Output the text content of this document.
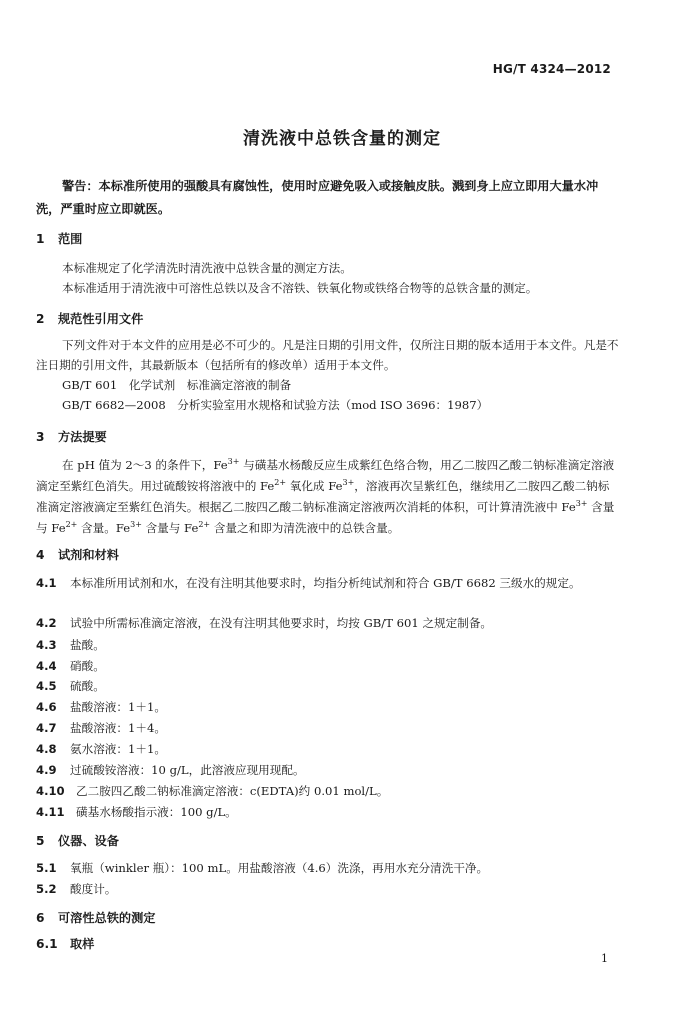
HG/T 4324—2012
清洗液中总铁含量的测定
警告：本标准所使用的强酸具有腐蚀性，使用时应避免吸入或接触皮肤。溅到身上应立即用大量水冲洗，严重时应立即就医。
1 范围
本标准规定了化学清洗时清洗液中总铁含量的测定方法。
本标准适用于清洗液中可溶性总铁以及含不溶铁、铁氧化物或铁络合物等的总铁含量的测定。
2 规范性引用文件
下列文件对于本文件的应用是必不可少的。凡是注日期的引用文件，仅所注日期的版本适用于本文件。凡是不注日期的引用文件，其最新版本（包括所有的修改单）适用于本文件。
GB/T 601　化学试剂　标准滴定溶液的制备
GB/T 6682—2008　分析实验室用水规格和试验方法（mod ISO 3696：1987）
3 方法提要
在 pH 值为 2～3 的条件下，$Fe^{3+}$ 与磺基水杨酸反应生成紫红色络合物，用乙二胺四乙酸二钠标准滴定溶液滴定至紫红色消失。用过硫酸铵将溶液中的 $Fe^{2+}$ 氧化成 $Fe^{3+}$，溶液再次呈紫红色，继续用乙二胺四乙酸二钠标准滴定溶液滴定至紫红色消失。根据乙二胺四乙酸二钠标准滴定溶液两次消耗的体积，可计算清洗液中 $Fe^{3+}$ 含量与 $Fe^{2+}$ 含量。$Fe^{3+}$ 含量与 $Fe^{2+}$ 含量之和即为清洗液中的总铁含量。
4 试剂和材料
4.1 本标准所用试剂和水，在没有注明其他要求时，均指分析纯试剂和符合 GB/T 6682 三级水的规定。
4.2 试验中所需标准滴定溶液，在没有注明其他要求时，均按 GB/T 601 之规定制备。
4.3 盐酸。
4.4 硝酸。
4.5 硫酸。
4.6 盐酸溶液：1＋1。
4.7 盐酸溶液：1＋4。
4.8 氨水溶液：1＋1。
4.9 过硫酸铵溶液：10 g/L，此溶液应现用现配。
4.10 乙二胺四乙酸二钠标准滴定溶液：c(EDTA)约 0.01 mol/L。
4.11 磺基水杨酸指示液：100 g/L。
5 仪器、设备
5.1 氧瓶（winkler 瓶）：100 mL。用盐酸溶液（4.6）洗涤，再用水充分清洗干净。
5.2 酸度计。
6 可溶性总铁的测定
6.1 取样
1
